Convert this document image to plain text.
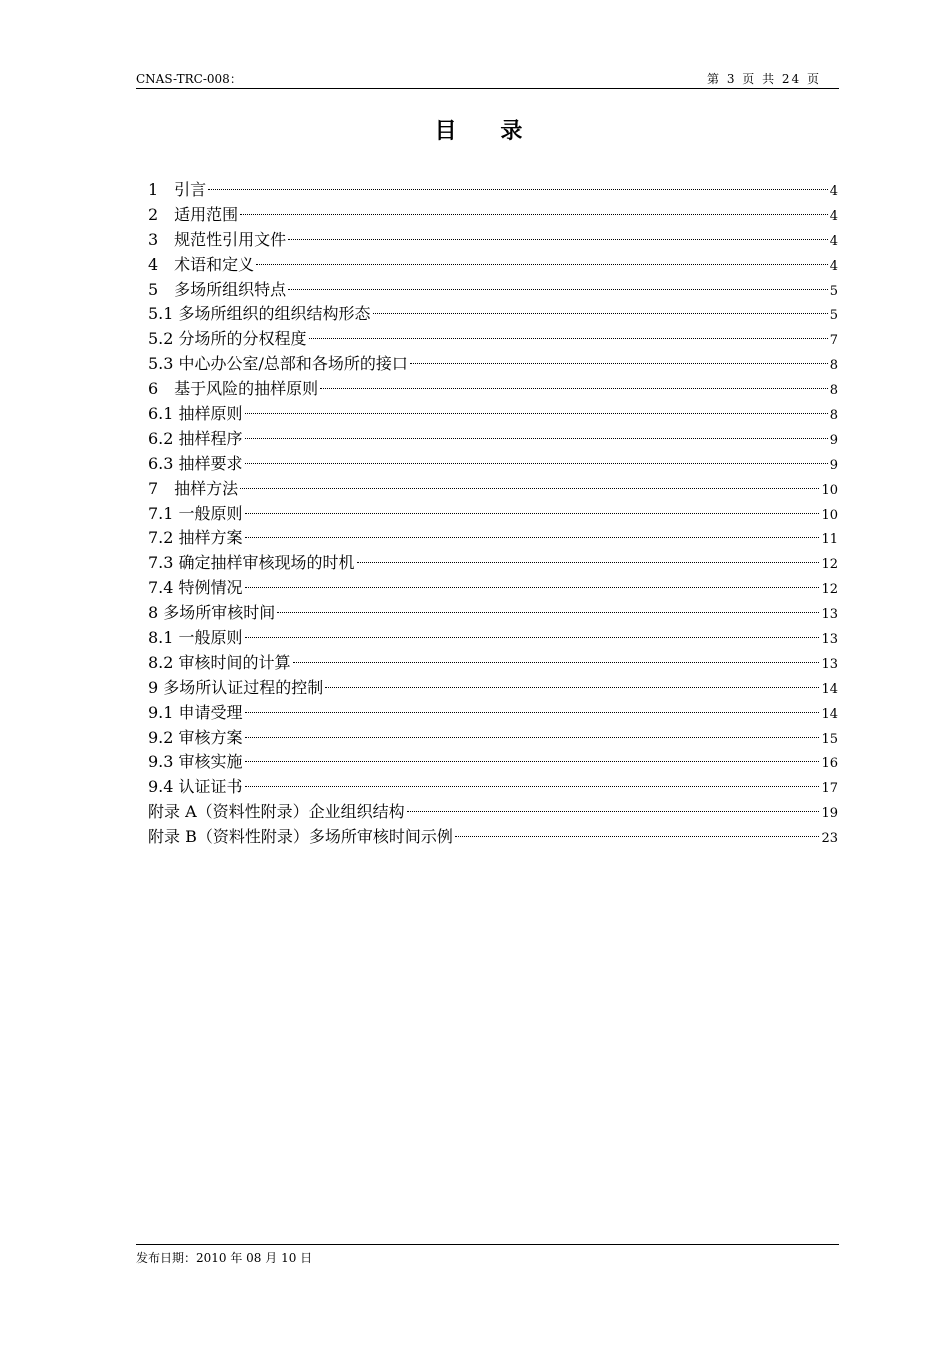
CNAS-TRC-008：	第 3 页 共 24 页
目 录
1　引言	4
2　适用范围	4
3　规范性引用文件	4
4　术语和定义	4
5　多场所组织特点	5
5.1 多场所组织的组织结构形态	5
5.2 分场所的分权程度	7
5.3 中心办公室/总部和各场所的接口	8
6　基于风险的抽样原则	8
6.1 抽样原则	8
6.2 抽样程序	9
6.3 抽样要求	9
7　抽样方法	10
7.1 一般原则	10
7.2 抽样方案	11
7.3 确定抽样审核现场的时机	12
7.4 特例情况	12
8 多场所审核时间	13
8.1 一般原则	13
8.2 审核时间的计算	13
9 多场所认证过程的控制	14
9.1 申请受理	14
9.2 审核方案	15
9.3 审核实施	16
9.4 认证证书	17
附录 A（资料性附录）企业组织结构	19
附录 B（资料性附录）多场所审核时间示例	23
发布日期：2010 年 08 月 10 日
